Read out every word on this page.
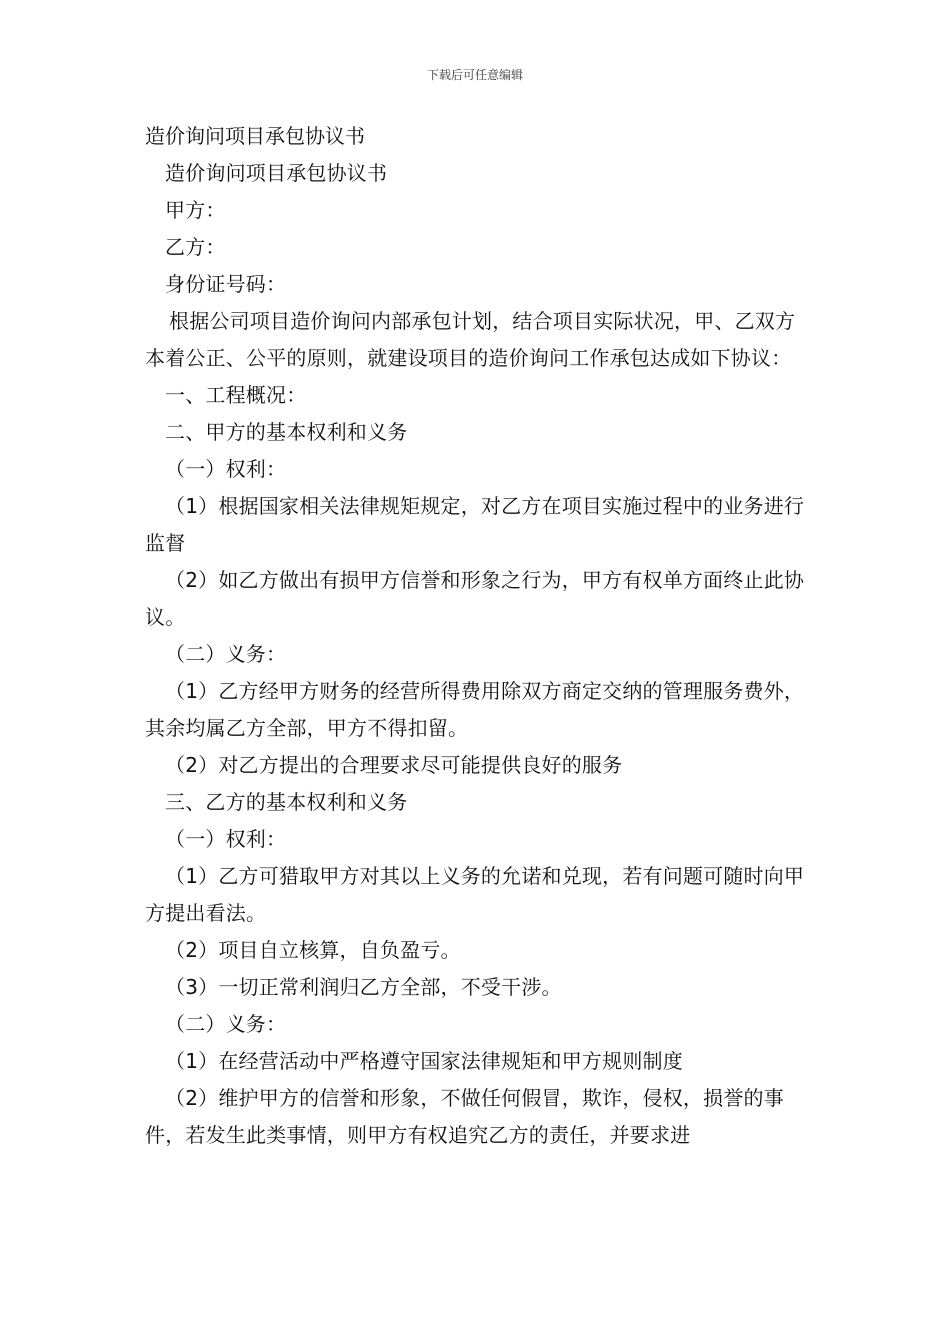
下载后可任意编辑
造价询问项目承包协议书

造价询问项目承包协议书

甲方：

乙方：

身份证号码：

根据公司项目造价询问内部承包计划，结合项目实际状况，甲、乙双方本着公正、公平的原则，就建设项目的造价询问工作承包达成如下协议：

一、工程概况：

二、甲方的基本权利和义务

（一）权利：

（1）根据国家相关法律规矩规定，对乙方在项目实施过程中的业务进行监督

（2）如乙方做出有损甲方信誉和形象之行为，甲方有权单方面终止此协议。

（二）义务：

（1）乙方经甲方财务的经营所得费用除双方商定交纳的管理服务费外，其余均属乙方全部，甲方不得扣留。

（2）对乙方提出的合理要求尽可能提供良好的服务

三、乙方的基本权利和义务

（一）权利：

（1）乙方可猎取甲方对其以上义务的允诺和兑现，若有问题可随时向甲方提出看法。

（2）项目自立核算，自负盈亏。

（3）一切正常利润归乙方全部，不受干涉。

（二）义务：

（1）在经营活动中严格遵守国家法律规矩和甲方规则制度

（2）维护甲方的信誉和形象，不做任何假冒，欺诈，侵权，损誉的事件，若发生此类事情，则甲方有权追究乙方的责任，并要求进
